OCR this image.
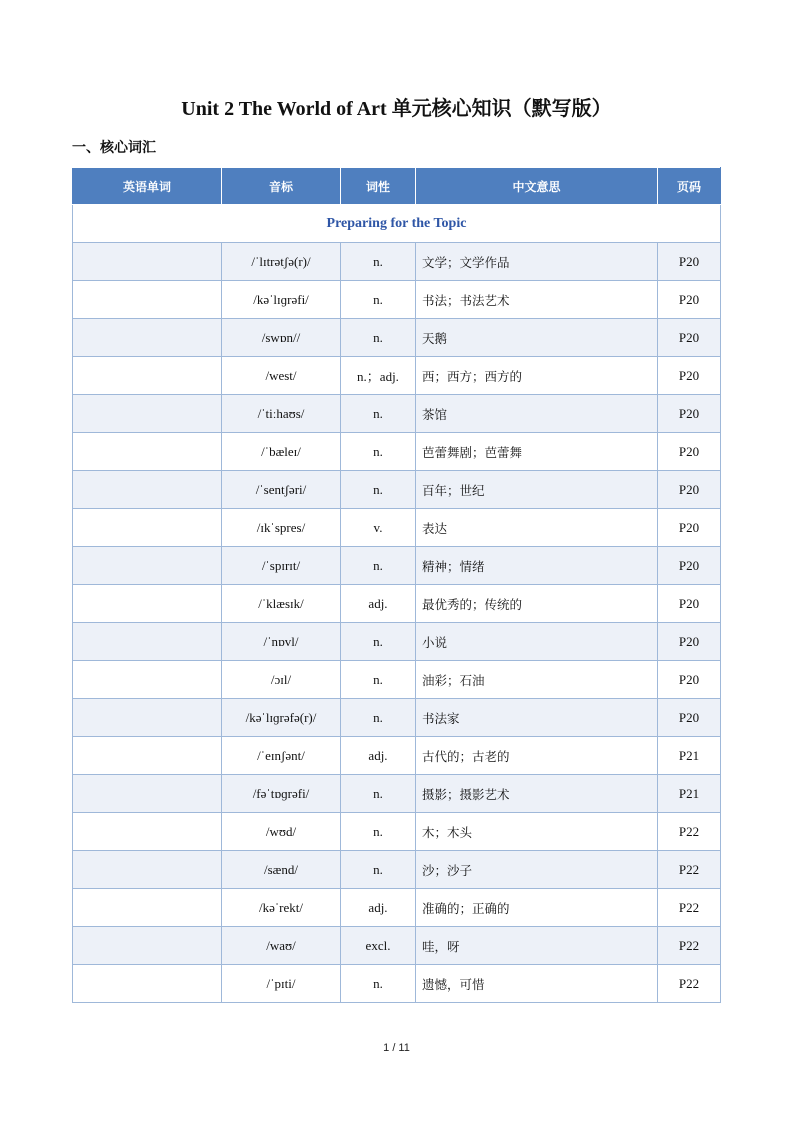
Unit 2 The World of Art 单元核心知识（默写版）
一、核心词汇
英语单词	音标	词性	中文意思	页码
Preparing for the Topic				
	/ˈlɪtrətʃə(r)/	n.	文学；文学作品	P20
	/kəˈlɪɡrəfi/	n.	书法；书法艺术	P20
	/swɒn//	n.	天鹅	P20
	/west/	n.；adj.	西；西方；西方的	P20
	/ˈtiːhaʊs/	n.	茶馆	P20
	/ˈbæleɪ/	n.	芭蕾舞剧；芭蕾舞	P20
	/ˈsentʃəri/	n.	百年；世纪	P20
	/ɪkˈspres/	v.	表达	P20
	/ˈspɪrɪt/	n.	精神；情绪	P20
	/ˈklæsɪk/	adj.	最优秀的；传统的	P20
	/ˈnɒvl/	n.	小说	P20
	/ɔɪl/	n.	油彩；石油	P20
	/kəˈlɪɡrəfə(r)/	n.	书法家	P20
	/ˈeɪnʃənt/	adj.	古代的；古老的	P21
	/fəˈtɒɡrəfi/	n.	摄影；摄影艺术	P21
	/wʊd/	n.	木；木头	P22
	/sænd/	n.	沙；沙子	P22
	/kəˈrekt/	adj.	准确的；正确的	P22
	/waʊ/	excl.	哇，呀	P22
	/ˈpɪti/	n.	遗憾，可惜	P22
1 / 11
